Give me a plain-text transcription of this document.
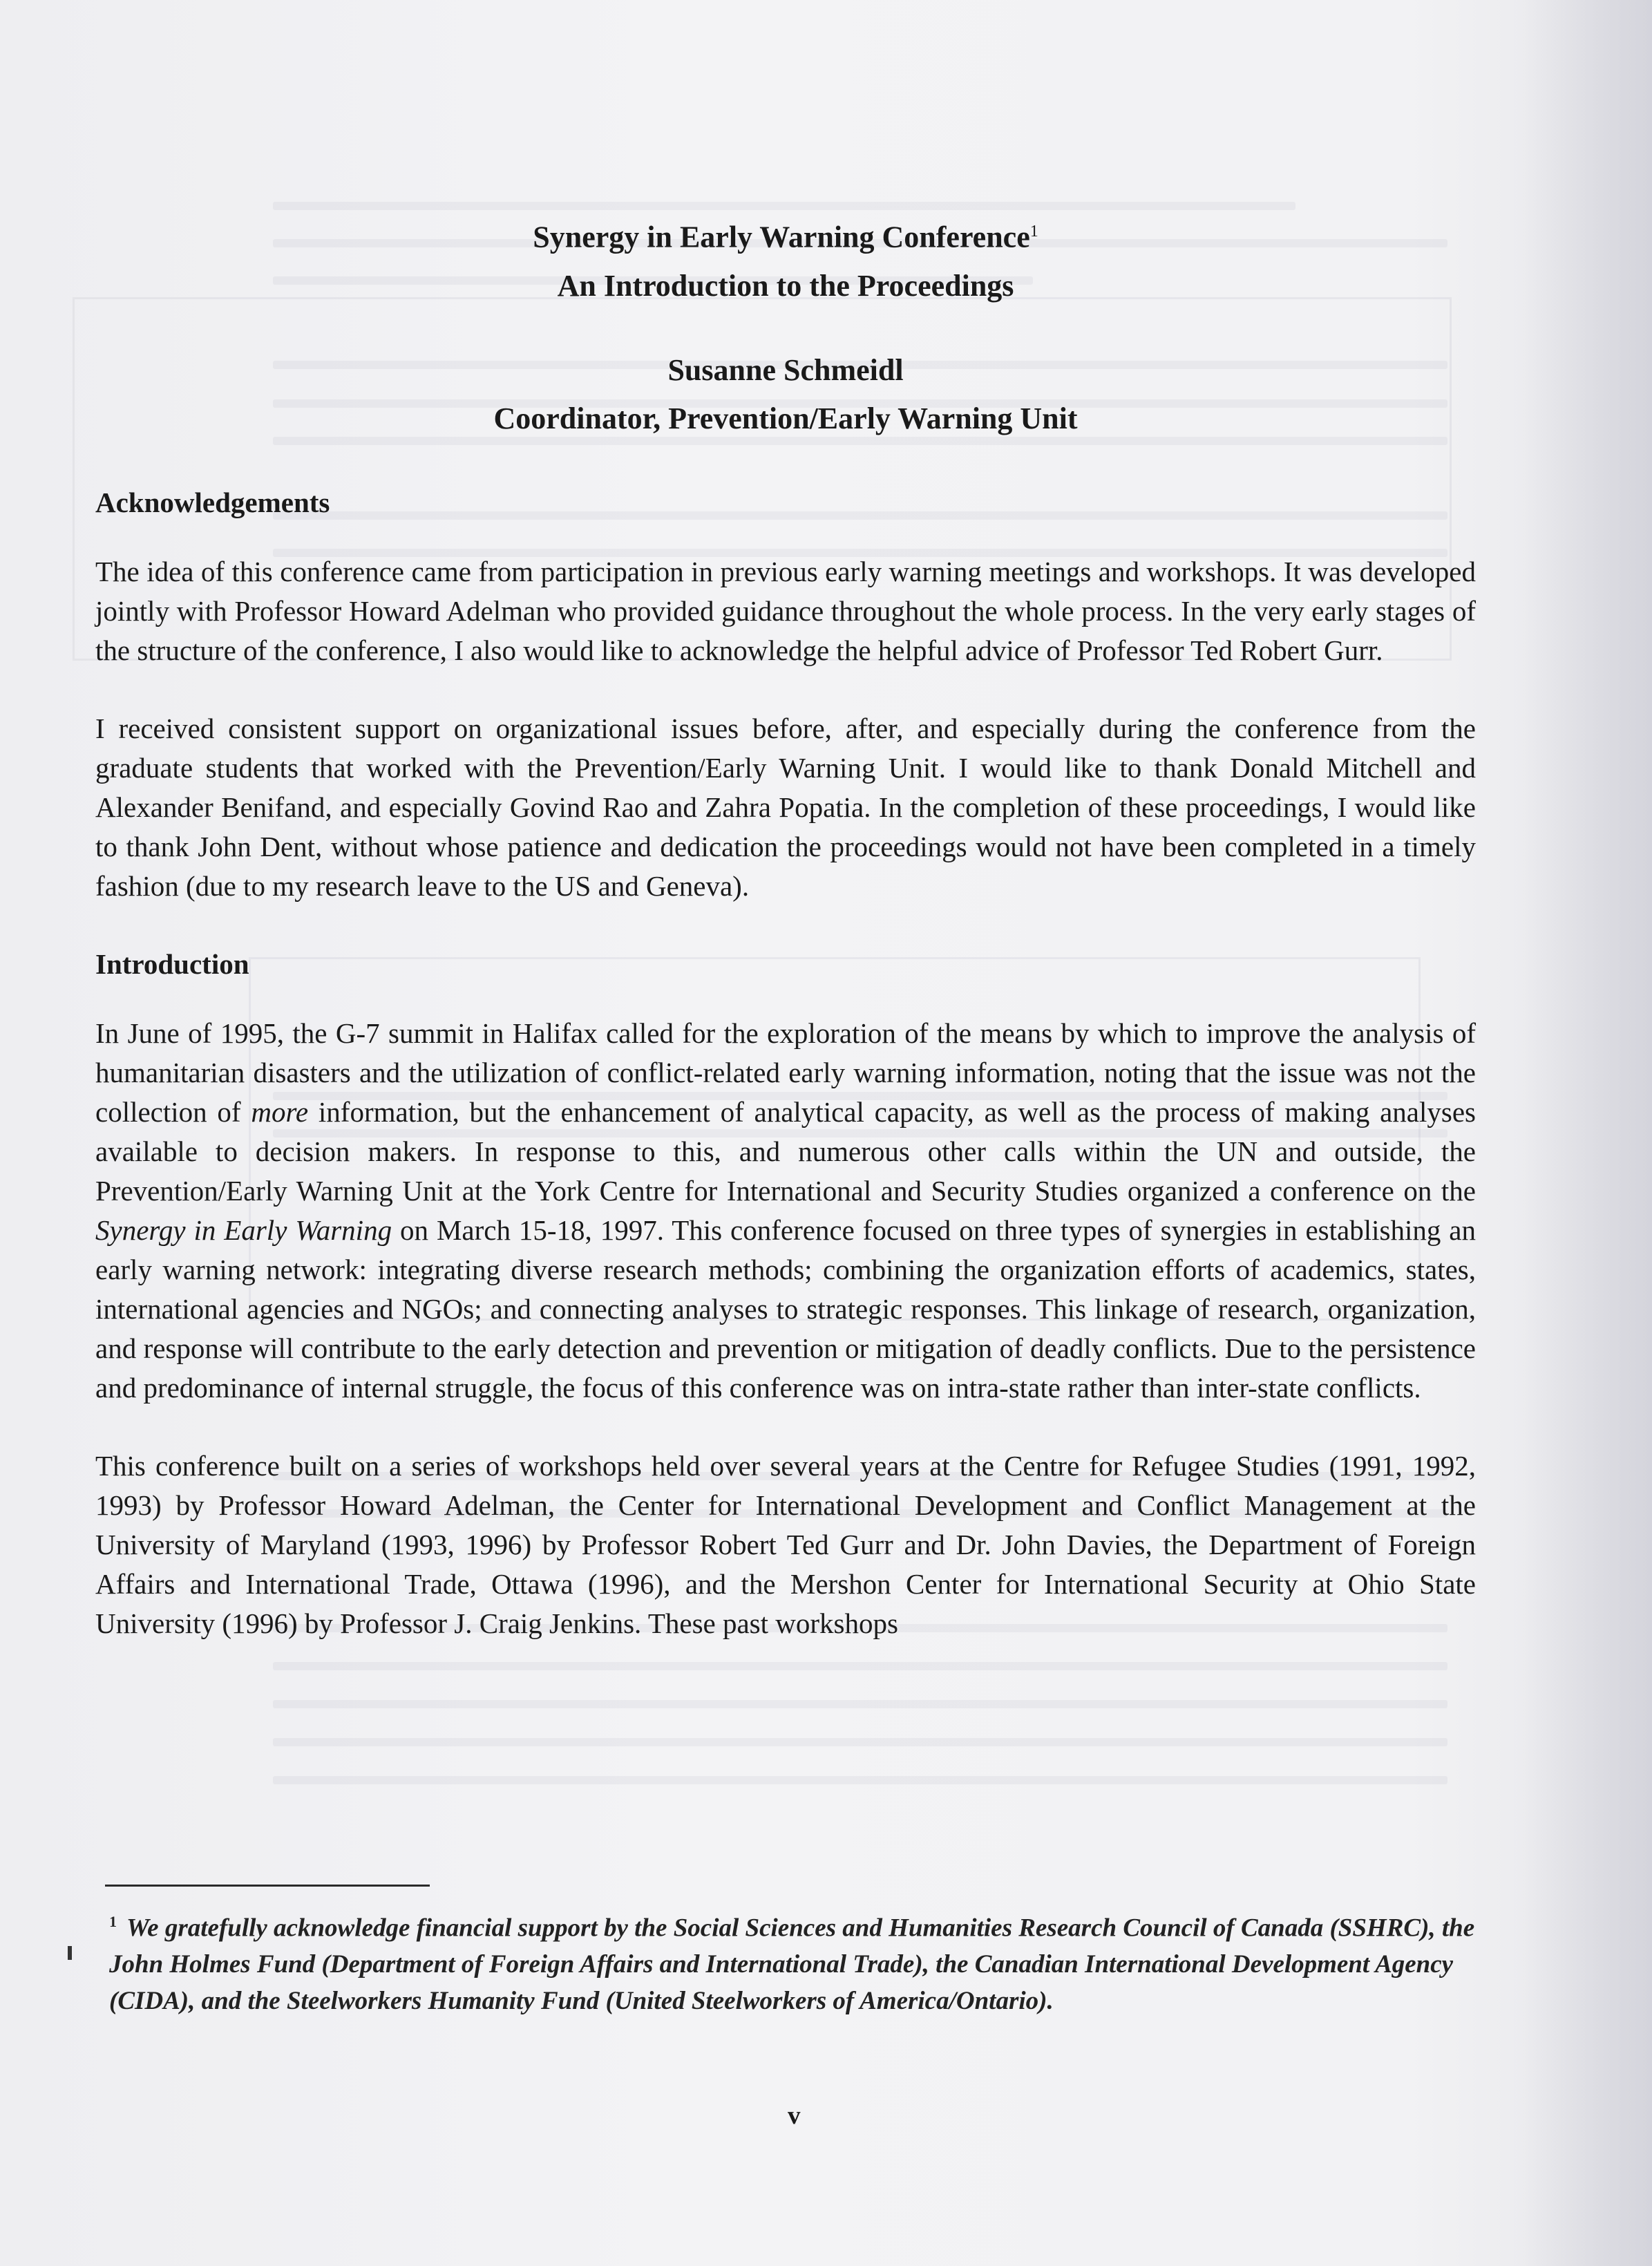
Synergy in Early Warning Conference$^1$
An Introduction to the Proceedings
Susanne Schmeidl
Coordinator, Prevention/Early Warning Unit
Acknowledgements

The idea of this conference came from participation in previous early warning meetings and workshops. It was developed jointly with Professor Howard Adelman who provided guidance throughout the whole process. In the very early stages of the structure of the conference, I also would like to acknowledge the helpful advice of Professor Ted Robert Gurr.

I received consistent support on organizational issues before, after, and especially during the conference from the graduate students that worked with the Prevention/Early Warning Unit. I would like to thank Donald Mitchell and Alexander Benifand, and especially Govind Rao and Zahra Popatia. In the completion of these proceedings, I would like to thank John Dent, without whose patience and dedication the proceedings would not have been completed in a timely fashion (due to my research leave to the US and Geneva).

Introduction

In June of 1995, the G-7 summit in Halifax called for the exploration of the means by which to improve the analysis of humanitarian disasters and the utilization of conflict-related early warning information, noting that the issue was not the collection of more information, but the enhancement of analytical capacity, as well as the process of making analyses available to decision makers. In response to this, and numerous other calls within the UN and outside, the Prevention/Early Warning Unit at the York Centre for International and Security Studies organized a conference on the Synergy in Early Warning on March 15-18, 1997. This conference focused on three types of synergies in establishing an early warning network: integrating diverse research methods; combining the organization efforts of academics, states, international agencies and NGOs; and connecting analyses to strategic responses. This linkage of research, organization, and response will contribute to the early detection and prevention or mitigation of deadly conflicts. Due to the persistence and predominance of internal struggle, the focus of this conference was on intra-state rather than inter-state conflicts.

This conference built on a series of workshops held over several years at the Centre for Refugee Studies (1991, 1992, 1993) by Professor Howard Adelman, the Center for International Development and Conflict Management at the University of Maryland (1993, 1996) by Professor Robert Ted Gurr and Dr. John Davies, the Department of Foreign Affairs and International Trade, Ottawa (1996), and the Mershon Center for International Security at Ohio State University (1996) by Professor J. Craig Jenkins. These past workshops

$^1$ We gratefully acknowledge financial support by the Social Sciences and Humanities Research Council of Canada (SSHRC), the John Holmes Fund (Department of Foreign Affairs and International Trade), the Canadian International Development Agency (CIDA), and the Steelworkers Humanity Fund (United Steelworkers of America/Ontario).
v
